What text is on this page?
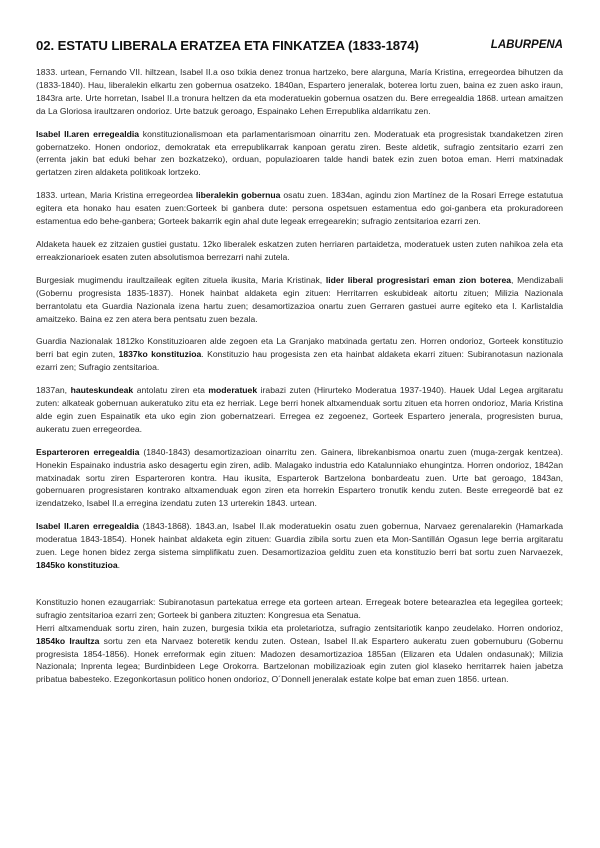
02. ESTATU LIBERALA ERATZEA ETA FINKATZEA (1833-1874)	LABURPENA

1833. urtean, Fernando VII. hiltzean, Isabel II.a oso txikia denez tronua hartzeko, bere alarguna, María Kristina, erregeordea bihutzen da (1833-1840). Hau, liberalekin elkartu zen gobernua osatzeko. 1840an, Espartero jeneralak, boterea lortu zuen, baina ez zuen asko iraun, 1843ra arte. Urte horretan, Isabel II.a tronura heltzen da eta moderatuekin gobernua osatzen du. Bere erregealdia 1868. urtean amaitzen da La Gloriosa iraultzaren ondorioz. Urte batzuk geroago, Espainako Lehen Errepublika aldarrikatu zen.

Isabel II.aren erregealdia konstituzionalismoan eta parlamentarismoan oinarritu zen. Moderatuak eta progresistak txandaketzen ziren gobernatzeko. Honen ondorioz, demokratak eta errepublikarrak kanpoan geratu ziren. Beste aldetik, sufragio zentsitario ezarri zen (errenta jakin bat eduki behar zen bozkatzeko), orduan, populazioaren talde handi batek ezin zuen botoa eman. Herri matxinadak gertatzen ziren aldaketa politikoak lortzeko.

1833. urtean, Maria Kristina erregeordea liberalekin gobernua osatu zuen. 1834an, agindu zion Martínez de la Rosari Errege estatutua egitera eta honako hau esaten zuen:Gorteek bi ganbera dute: persona ospetsuen estamentua edo goi-ganbera eta prokuradoreen estamentua edo behe-ganbera; Gorteek bakarrik egin ahal dute legeak erregearekin; sufragio zentsitarioa ezarri zen.

Aldaketa hauek ez zitzaien gustiei gustatu. 12ko liberalek eskatzen zuten herriaren partaidetza, moderatuek usten zuten nahikoa zela eta erreakzionarioek esaten zuten absolutismoa berrezarri nahi zutela.

Burgesiak mugimendu iraultzaileak egiten zituela ikusita, Maria Kristinak, lider liberal progresistari eman zion boterea, Mendizabali (Gobernu progresista 1835-1837). Honek hainbat aldaketa egin zituen: Herritarren eskubideak aitortu zituen; Milizia Nazionala berrantolatu eta Guardia Nazionala izena hartu zuen; desamortizazioa onartu zuen Gerraren gastuei aurre egiteko eta I. Karlistaldia amaitzeko. Baina ez zen atera bera pentsatu zuen bezala.

Guardia Nazionalak 1812ko Konstituzioaren alde zegoen eta La Granjako matxinada gertatu zen. Horren ondorioz, Gorteek konstituzio berri bat egin zuten, 1837ko konstituzioa. Konstituzio hau progesista zen eta hainbat aldaketa ekarri zituen: Subiranotasun nazionala ezarri zen; Sufragio zentsitarioa.

1837an, hauteskundeak antolatu ziren eta moderatuek irabazi zuten (Hirurteko Moderatua 1937-1940). Hauek Udal Legea argitaratu zuten: alkateak gobernuan aukeratuko zitu eta ez herriak. Lege berri honek altxamenduak sortu zituen eta horren ondorioz, Maria Kristina alde egin zuen Espainatik eta uko egin zion gobernatzeari. Erregea ez zegoenez, Gorteek Espartero jenerala, progresisten burua, aukeratu zuen erregeordea.

Esparteroren erregealdia (1840-1843) desamortizazioan oinarritu zen. Gainera, librekanbismoa onartu zuen (muga-zergak kentzea). Honekin Espainako industria asko desagertu egin ziren, adib. Malagako industria edo Katalunniako ehungintza. Horren ondorioz, 1842an matxinadak sortu ziren Esparteroren kontra. Hau ikusita, Esparterok Bartzelona bonbardeatu zuen. Urte bat geroago, 1843an, gobernuaren progresistaren kontrako altxamenduak egon ziren eta horrekin Espartero tronutik kendu zuten. Beste erregeordë bat ez izendatzeko, Isabel II.a erregina izendatu zuten 13 urterekin 1843. urtean.

Isabel II.aren erregealdia (1843-1868). 1843.an, Isabel II.ak moderatuekin osatu zuen gobernua, Narvaez gerenalarekin (Hamarkada moderatua 1843-1854). Honek hainbat aldaketa egin zituen: Guardia zibila sortu zuen eta Mon-Santillán Ogasun lege berria argitaratu zuen. Lege honen bidez zerga sistema simplifikatu zuen. Desamortizazioa gelditu zuen eta konstituzio berri bat sortu zuen Narvaezek, 1845ko konstituzioa.

Konstituzio honen ezaugarriak: Subiranotasun partekatua errege eta gorteen artean. Erregeak botere betearazlea eta legegilea gorteek; sufragio zentsitarioa ezarri zen; Gorteek bi ganbera zituzten: Kongresua eta Senatua.

Herri altxamenduak sortu ziren, hain zuzen, burgesia txikia eta proletariotza, sufragio zentsitariotik kanpo zeudelako. Horren ondorioz, 1854ko Iraultza sortu zen eta Narvaez boteretik kendu zuten. Ostean, Isabel II.ak Espartero aukeratu zuen gobernuburu (Gobernu progresista 1854-1856). Honek erreformak egin zituen: Madozen desamortizazioa 1855an (Elizaren eta Udalen ondasunak); Milizia Nazionala; Inprenta legea; Burdinbideen Lege Orokorra. Bartzelonan mobilizazioak egin zuten giol klaseko herritarrek haien jabetza pribatua babesteko. Ezegonkortasun politico honen ondorioz, O´Donnell jeneralak estate kolpe bat eman zuen 1856. urtean.
